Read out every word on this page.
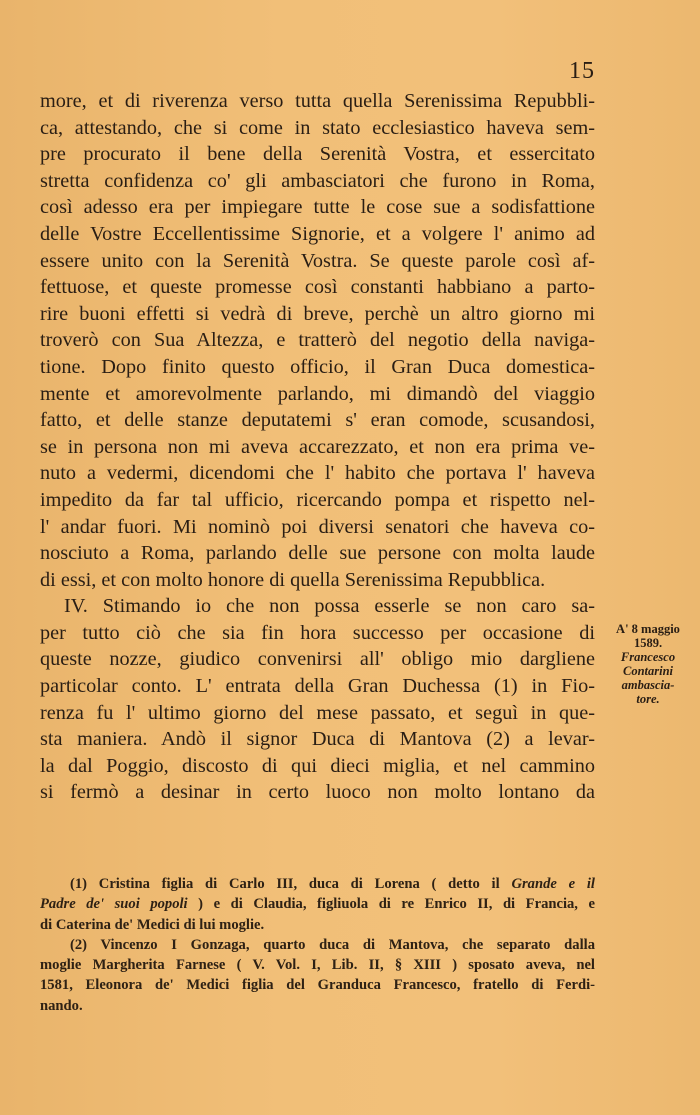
15
more, et di riverenza verso tutta quella Serenissima Repubbli-
ca, attestando, che si come in stato ecclesiastico haveva sem-
pre procurato il bene della Serenità Vostra, et essercitato
stretta confidenza co' gli ambasciatori che furono in Roma,
così adesso era per impiegare tutte le cose sue a sodisfattione
delle Vostre Eccellentissime Signorie, et a volgere l' animo ad
essere unito con la Serenità Vostra. Se queste parole così af-
fettuose, et queste promesse così constanti habbiano a parto-
rire buoni effetti si vedrà di breve, perchè un altro giorno mi
troverò con Sua Altezza, e tratterò del negotio della naviga-
tione. Dopo finito questo officio, il Gran Duca domestica-
mente et amorevolmente parlando, mi dimandò del viaggio
fatto, et delle stanze deputatemi s' eran comode, scusandosi,
se in persona non mi aveva accarezzato, et non era prima ve-
nuto a vedermi, dicendomi che l' habito che portava l' haveva
impedito da far tal ufficio, ricercando pompa et rispetto nel-
l' andar fuori. Mi nominò poi diversi senatori che haveva co-
nosciuto a Roma, parlando delle sue persone con molta laude
di essi, et con molto honore di quella Serenissima Repubblica.
IV. Stimando io che non possa esserle se non caro sa-
per tutto ciò che sia fin hora successo per occasione di
queste nozze, giudico convenirsi all' obligo mio dargliene
particolar conto. L' entrata della Gran Duchessa (1) in Fio-
renza fu l' ultimo giorno del mese passato, et seguì in que-
sta maniera. Andò il signor Duca di Mantova (2) a levar-
la dal Poggio, discosto di qui dieci miglia, et nel cammino
si fermò a desinar in certo luoco non molto lontano da
A' 8 maggio
1589.
Francesco
Contarini
ambascia-
tore.
(1) Cristina figlia di Carlo III, duca di Lorena ( detto il Grande e il
Padre de' suoi popoli ) e di Claudia, figliuola di re Enrico II, di Francia, e
di Caterina de' Medici di lui moglie.
(2) Vincenzo I Gonzaga, quarto duca di Mantova, che separato dalla
moglie Margherita Farnese ( V. Vol. I, Lib. II, § XIII ) sposato aveva, nel
1581, Eleonora de' Medici figlia del Granduca Francesco, fratello di Ferdi-
nando.
